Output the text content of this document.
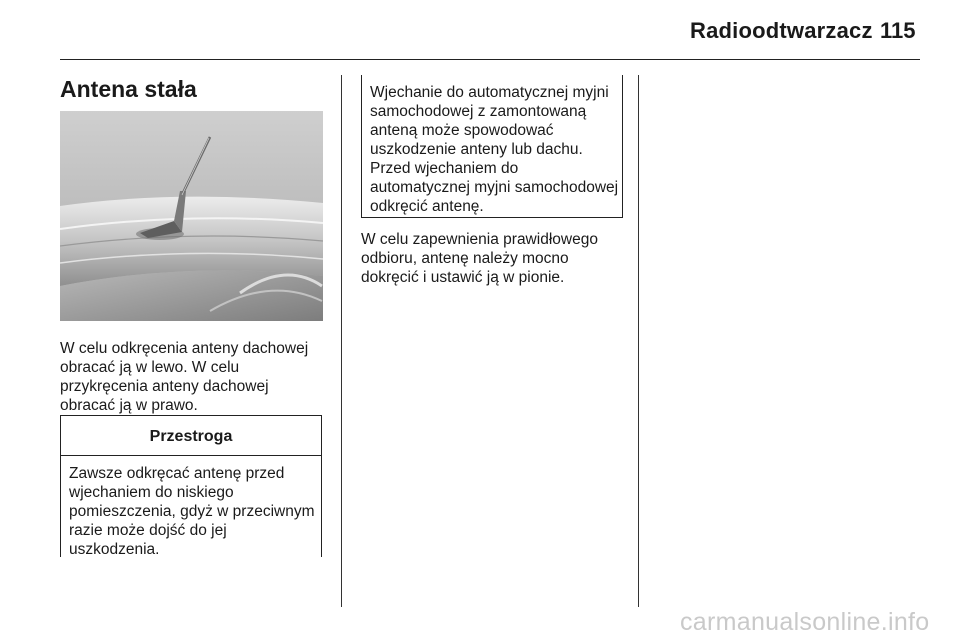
Radioodtwarzacz 115
Antena stała

W celu odkręcenia anteny dachowej obracać ją w lewo. W celu przykręcenia anteny dachowej obracać ją w prawo.

Przestroga
Zawsze odkręcać antenę przed wjechaniem do niskiego pomieszczenia, gdyż w przeciwnym razie może dojść do jej uszkodzenia.
Wjechanie do automatycznej myjni samochodowej z zamontowaną anteną może spowodować uszkodzenie anteny lub dachu. Przed wjechaniem do automatycznej myjni samochodowej odkręcić antenę.

W celu zapewnienia prawidłowego odbioru, antenę należy mocno dokręcić i ustawić ją w pionie.

carmanualsonline.info
